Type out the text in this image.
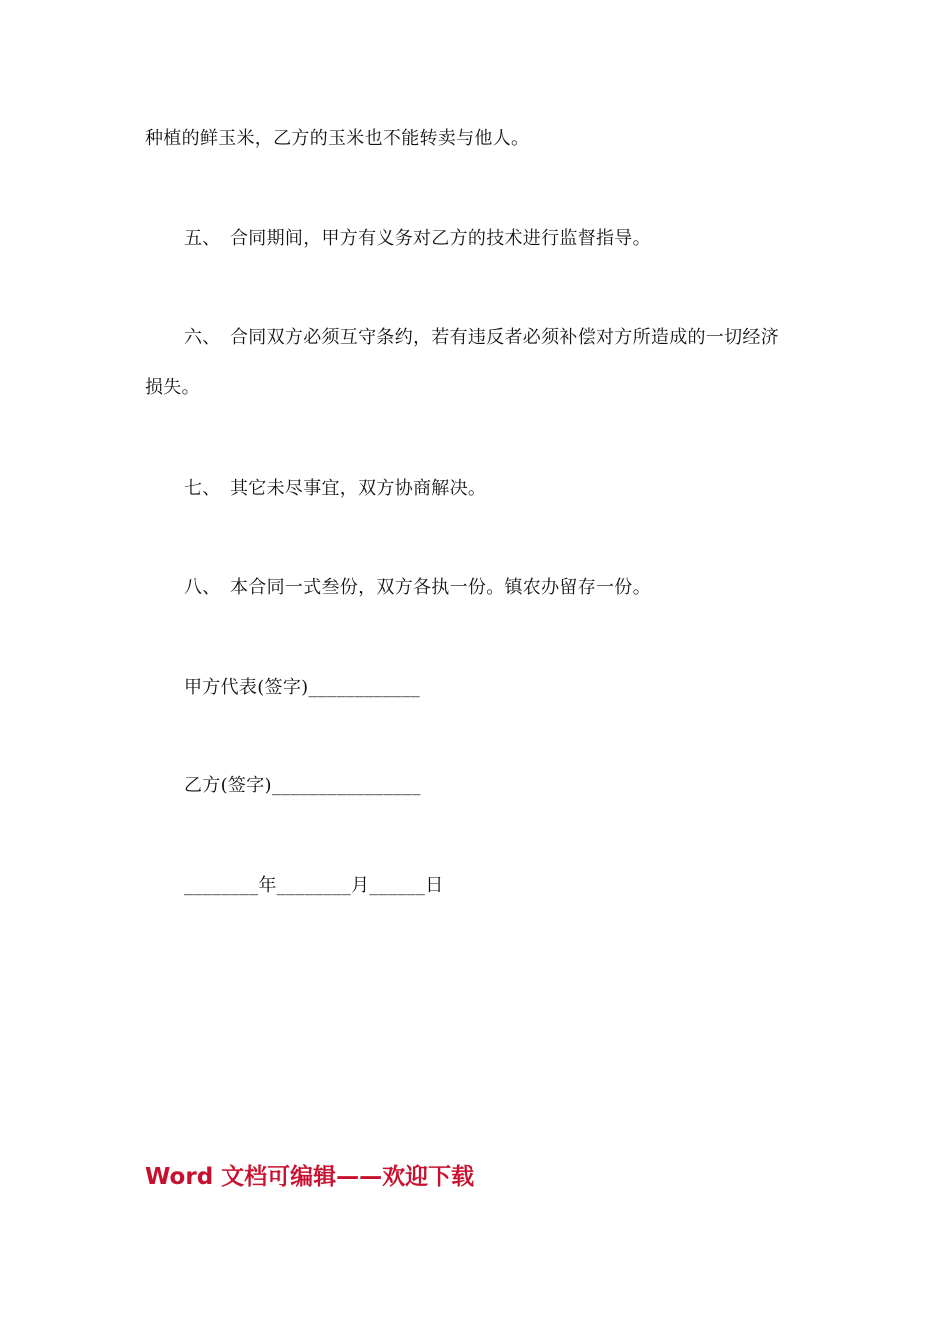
种植的鲜玉米，乙方的玉米也不能转卖与他人。
五、 合同期间，甲方有义务对乙方的技术进行监督指导。
六、 合同双方必须互守条约，若有违反者必须补偿对方所造成的一切经济
损失。
七、 其它未尽事宜，双方协商解决。
八、 本合同一式叁份，双方各执一份。镇农办留存一份。
甲方代表(签字)____________
乙方(签字)________________
________年________月______日
Word 文档可编辑——欢迎下载
